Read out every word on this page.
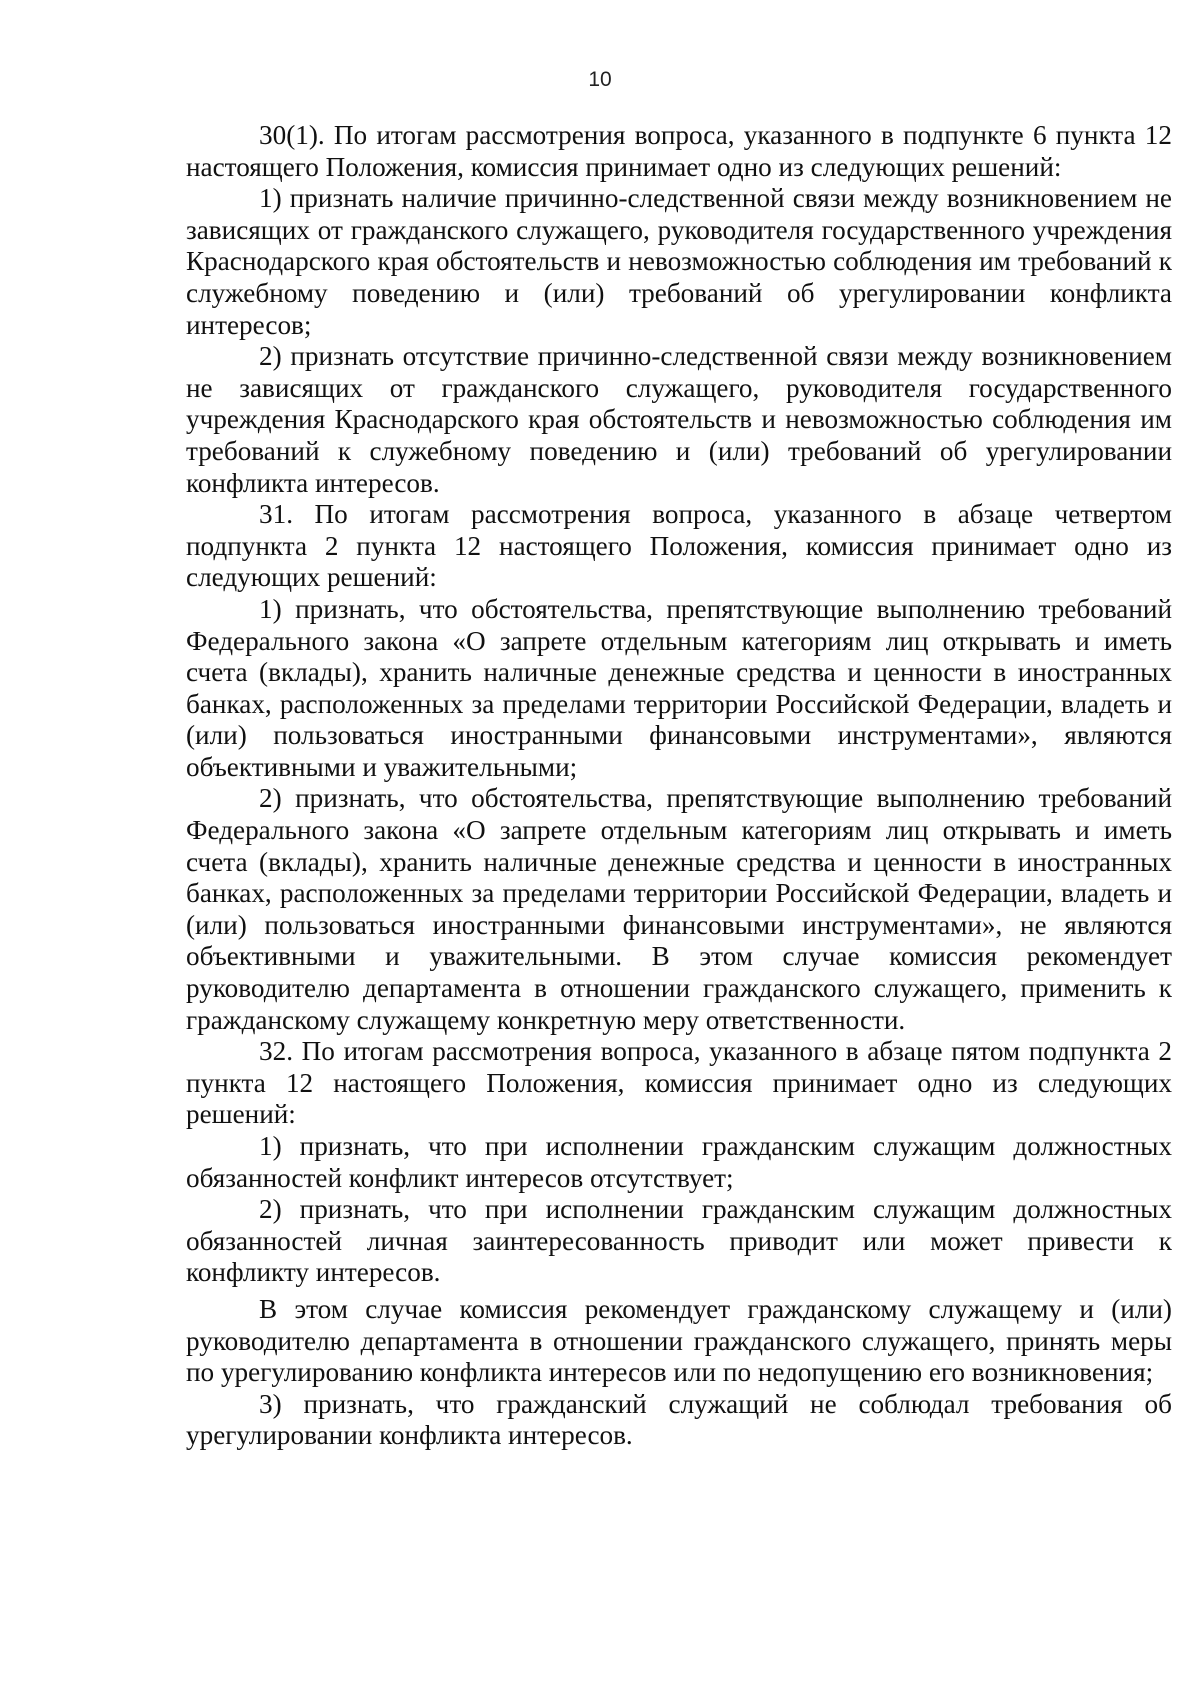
10

30(1). По итогам рассмотрения вопроса, указанного в подпункте 6 пункта 12 настоящего Положения, комиссия принимает одно из следующих решений:

1) признать наличие причинно-следственной связи между возникновением не зависящих от гражданского служащего, руководителя государственного учреждения Краснодарского края обстоятельств и невозможностью соблюдения им требований к служебному поведению и (или) требований об урегулировании конфликта интересов;

2) признать отсутствие причинно-следственной связи между возникновением не зависящих от гражданского служащего, руководителя государственного учреждения Краснодарского края обстоятельств и невозможностью соблюдения им требований к служебному поведению и (или) требований об урегулировании конфликта интересов.

31. По итогам рассмотрения вопроса, указанного в абзаце четвертом подпункта 2 пункта 12 настоящего Положения, комиссия принимает одно из следующих решений:

1) признать, что обстоятельства, препятствующие выполнению требований Федерального закона «О запрете отдельным категориям лиц открывать и иметь счета (вклады), хранить наличные денежные средства и ценности в иностранных банках, расположенных за пределами территории Российской Федерации, владеть и (или) пользоваться иностранными финансовыми инструментами», являются объективными и уважительными;

2) признать, что обстоятельства, препятствующие выполнению требований Федерального закона «О запрете отдельным категориям лиц открывать и иметь счета (вклады), хранить наличные денежные средства и ценности в иностранных банках, расположенных за пределами территории Российской Федерации, владеть и (или) пользоваться иностранными финансовыми инструментами», не являются объективными и уважительными. В этом случае комиссия рекомендует руководителю департамента в отношении гражданского служащего, применить к гражданскому служащему конкретную меру ответственности.

32. По итогам рассмотрения вопроса, указанного в абзаце пятом подпункта 2 пункта 12 настоящего Положения, комиссия принимает одно из следующих решений:

1) признать, что при исполнении гражданским служащим должностных обязанностей конфликт интересов отсутствует;

2) признать, что при исполнении гражданским служащим должностных обязанностей личная заинтересованность приводит или может привести к конфликту интересов.

В этом случае комиссия рекомендует гражданскому служащему и (или) руководителю департамента в отношении гражданского служащего, принять меры по урегулированию конфликта интересов или по недопущению его возникновения;

3) признать, что гражданский служащий не соблюдал требования об урегулировании конфликта интересов.
